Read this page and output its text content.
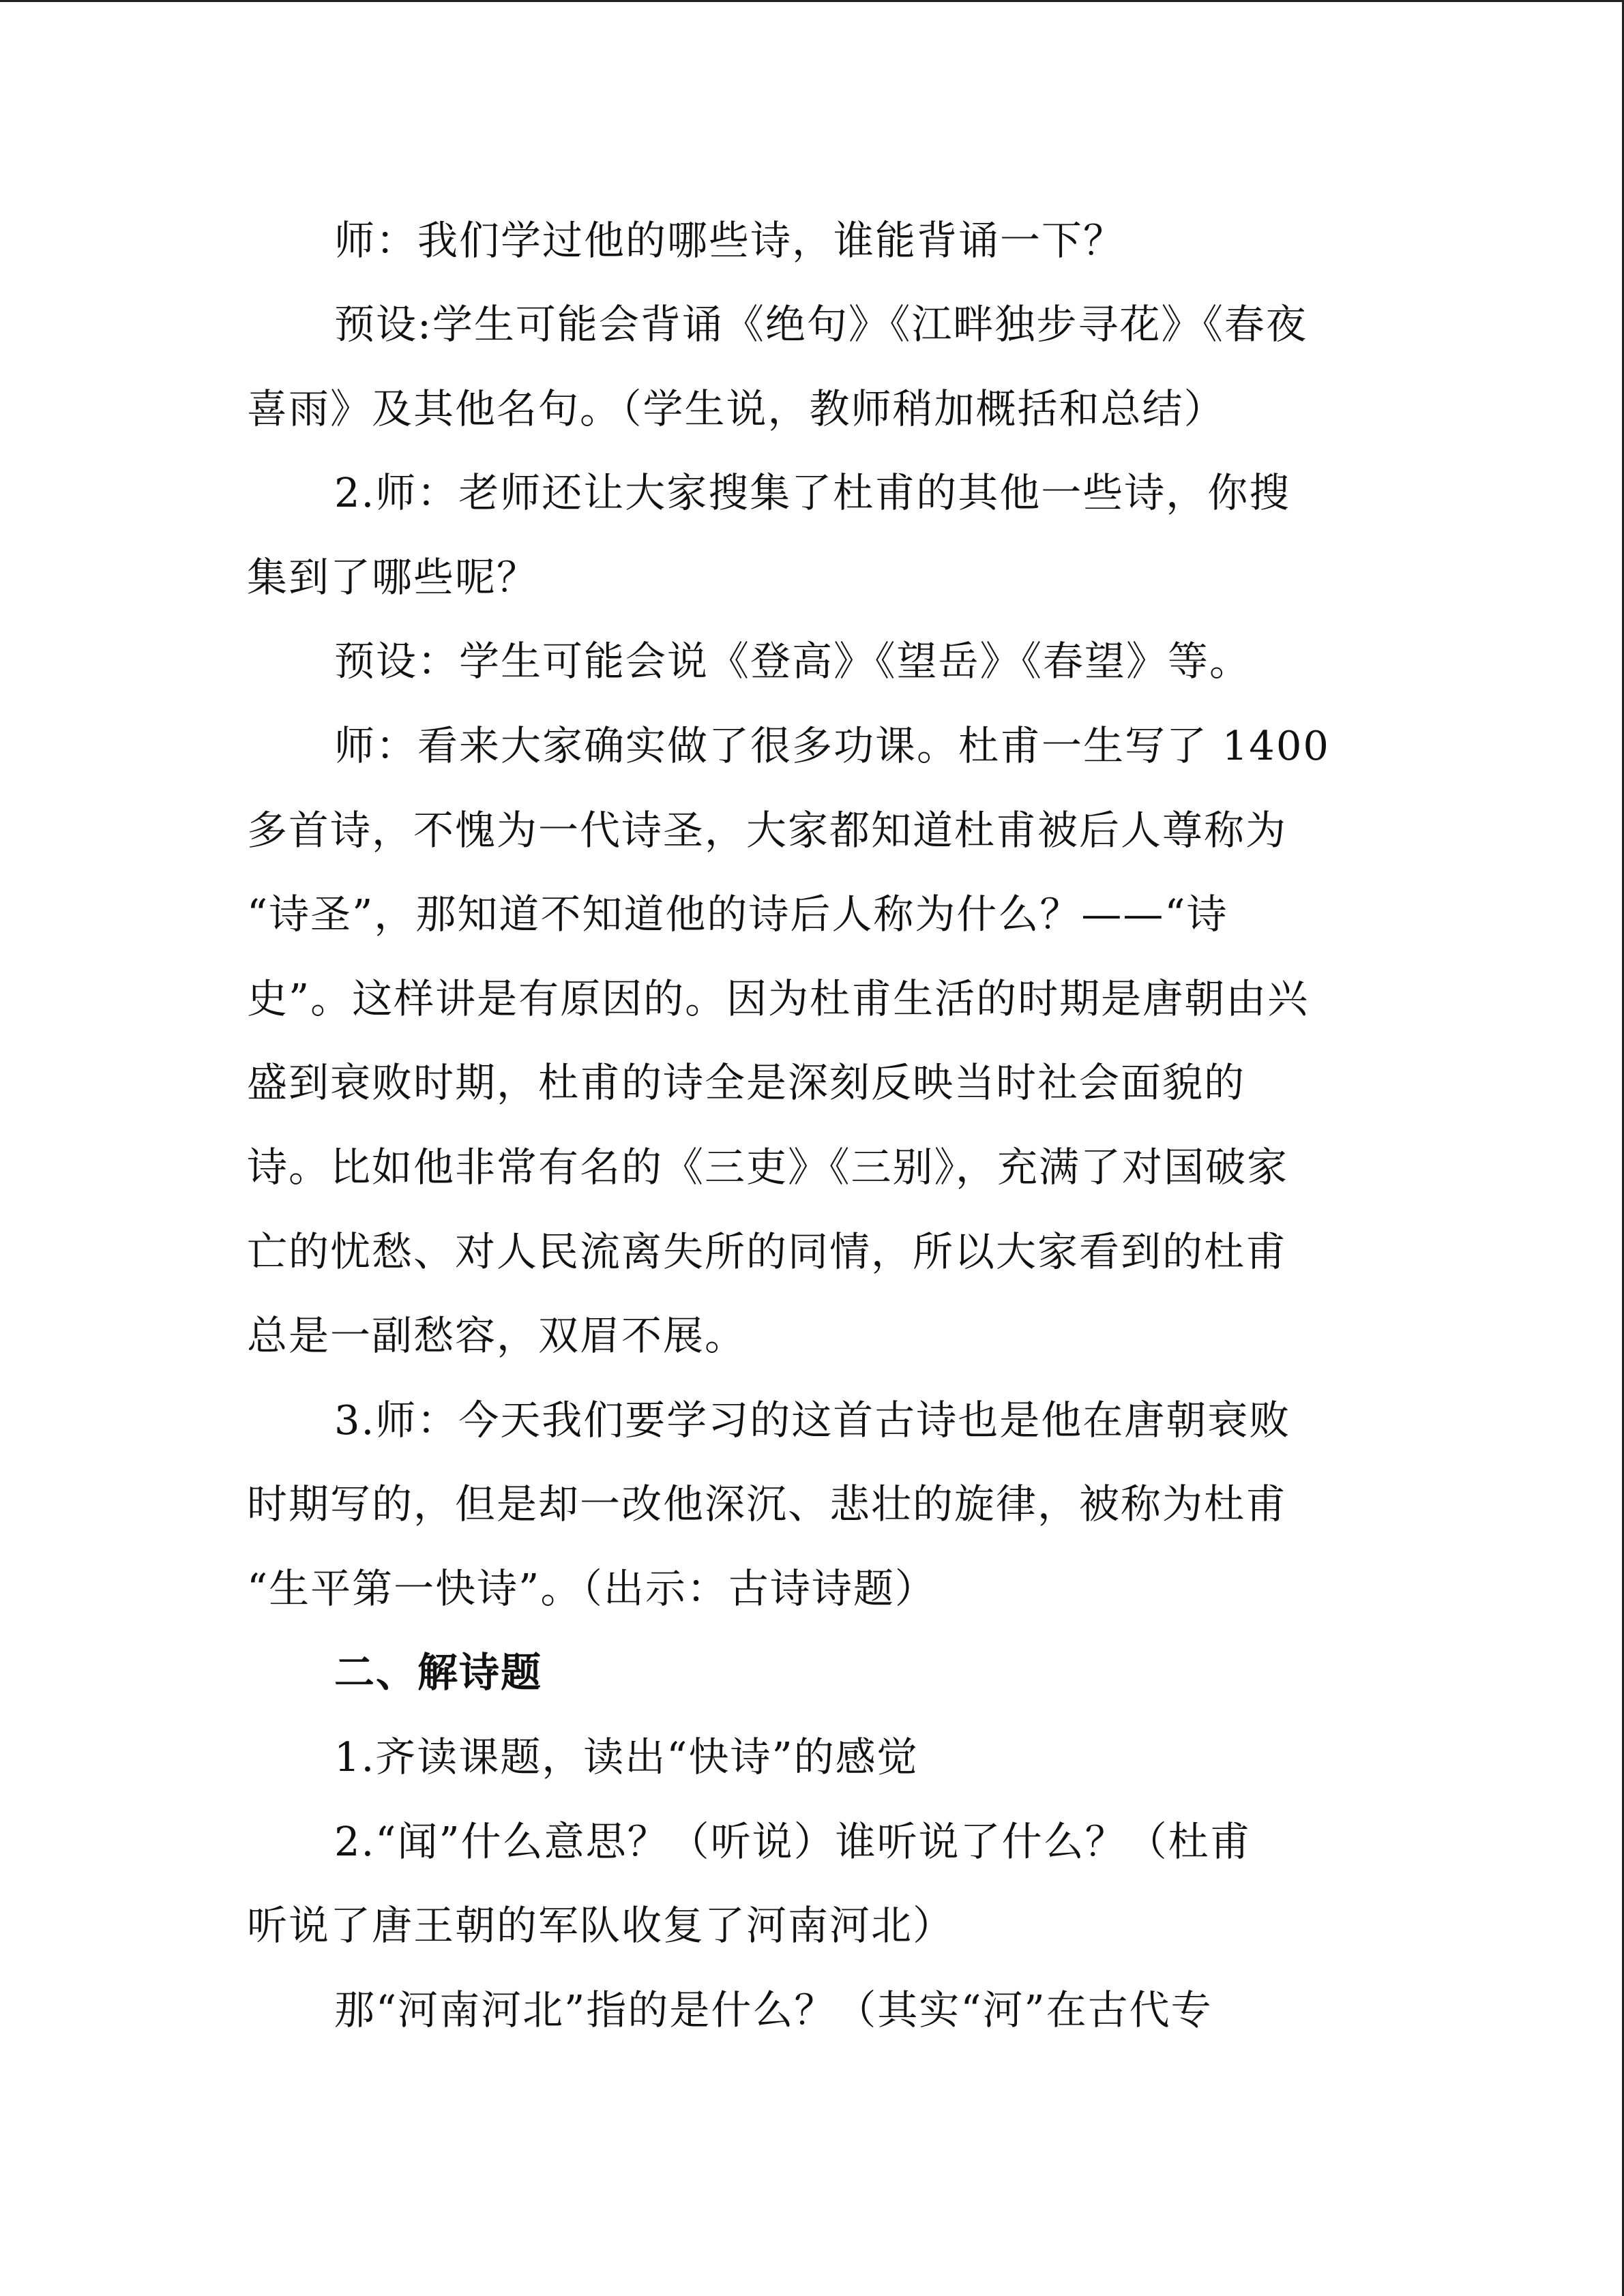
师：我们学过他的哪些诗，谁能背诵一下？
预设:学生可能会背诵《绝句》《江畔独步寻花》《春夜
喜雨》及其他名句。（学生说，教师稍加概括和总结）
2.师：老师还让大家搜集了杜甫的其他一些诗，你搜
集到了哪些呢？
预设：学生可能会说《登高》《望岳》《春望》等。
师：看来大家确实做了很多功课。杜甫一生写了 1400
多首诗，不愧为一代诗圣，大家都知道杜甫被后人尊称为
“诗圣”，那知道不知道他的诗后人称为什么？——“诗
史”。这样讲是有原因的。因为杜甫生活的时期是唐朝由兴
盛到衰败时期，杜甫的诗全是深刻反映当时社会面貌的
诗。比如他非常有名的《三吏》《三别》，充满了对国破家
亡的忧愁、对人民流离失所的同情，所以大家看到的杜甫
总是一副愁容，双眉不展。
3.师：今天我们要学习的这首古诗也是他在唐朝衰败
时期写的，但是却一改他深沉、悲壮的旋律，被称为杜甫
“生平第一快诗”。（出示：古诗诗题）
二、解诗题
1.齐读课题，读出“快诗”的感觉
2.“闻”什么意思？（听说）谁听说了什么？（杜甫
听说了唐王朝的军队收复了河南河北）
那“河南河北”指的是什么？（其实“河”在古代专
